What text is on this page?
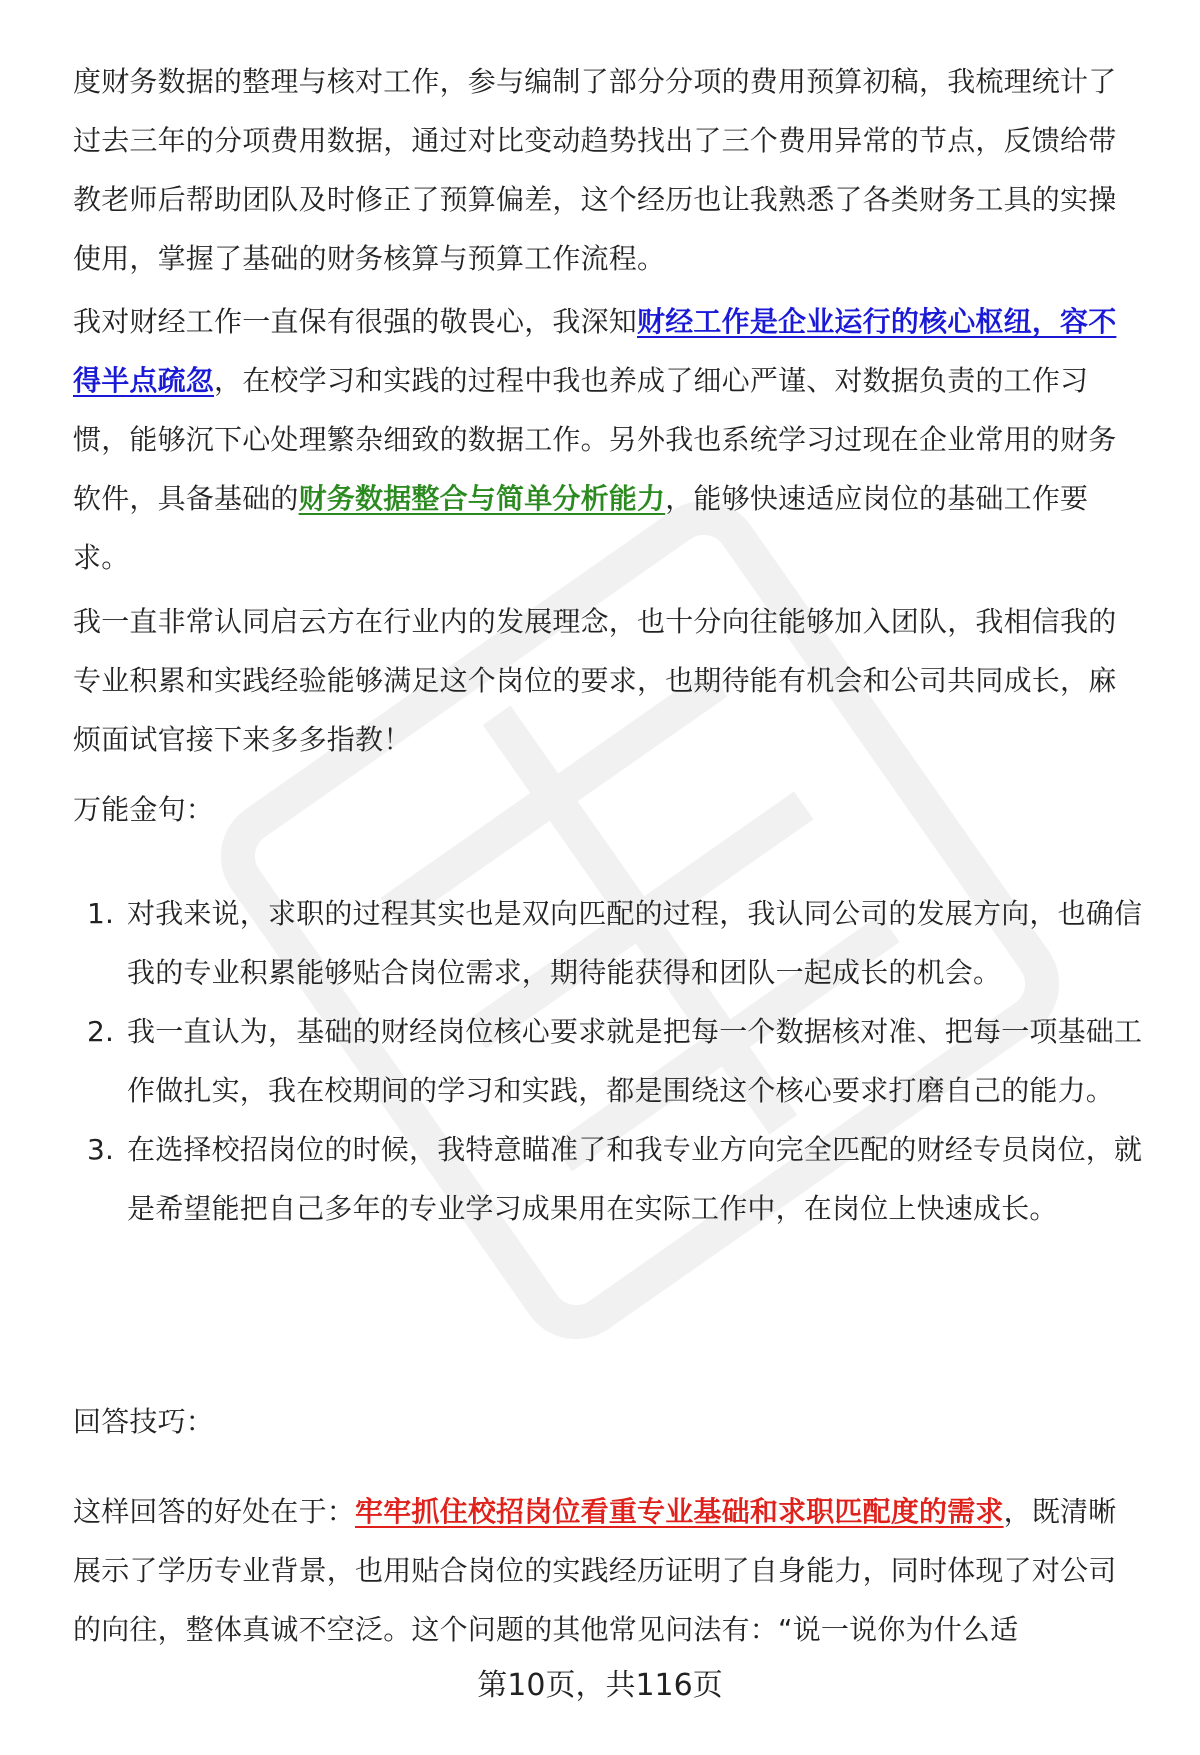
度财务数据的整理与核对工作，参与编制了部分分项的费用预算初稿，我梳理统计了过去三年的分项费用数据，通过对比变动趋势找出了三个费用异常的节点，反馈给带教老师后帮助团队及时修正了预算偏差，这个经历也让我熟悉了各类财务工具的实操使用，掌握了基础的财务核算与预算工作流程。

我对财经工作一直保有很强的敬畏心，我深知财经工作是企业运行的核心枢纽，容不得半点疏忽，在校学习和实践的过程中我也养成了细心严谨、对数据负责的工作习惯，能够沉下心处理繁杂细致的数据工作。另外我也系统学习过现在企业常用的财务软件，具备基础的财务数据整合与简单分析能力，能够快速适应岗位的基础工作要求。

我一直非常认同启云方在行业内的发展理念，也十分向往能够加入团队，我相信我的专业积累和实践经验能够满足这个岗位的要求，也期待能有机会和公司共同成长，麻烦面试官接下来多多指教！

万能金句：

1. 对我来说，求职的过程其实也是双向匹配的过程，我认同公司的发展方向，也确信我的专业积累能够贴合岗位需求，期待能获得和团队一起成长的机会。
2. 我一直认为，基础的财经岗位核心要求就是把每一个数据核对准、把每一项基础工作做扎实，我在校期间的学习和实践，都是围绕这个核心要求打磨自己的能力。
3. 在选择校招岗位的时候，我特意瞄准了和我专业方向完全匹配的财经专员岗位，就是希望能把自己多年的专业学习成果用在实际工作中，在岗位上快速成长。

回答技巧：

这样回答的好处在于：牢牢抓住校招岗位看重专业基础和求职匹配度的需求，既清晰展示了学历专业背景，也用贴合岗位的实践经历证明了自身能力，同时体现了对公司的向往，整体真诚不空泛。这个问题的其他常见问法有：“说一说你为什么适

第10页，共116页
